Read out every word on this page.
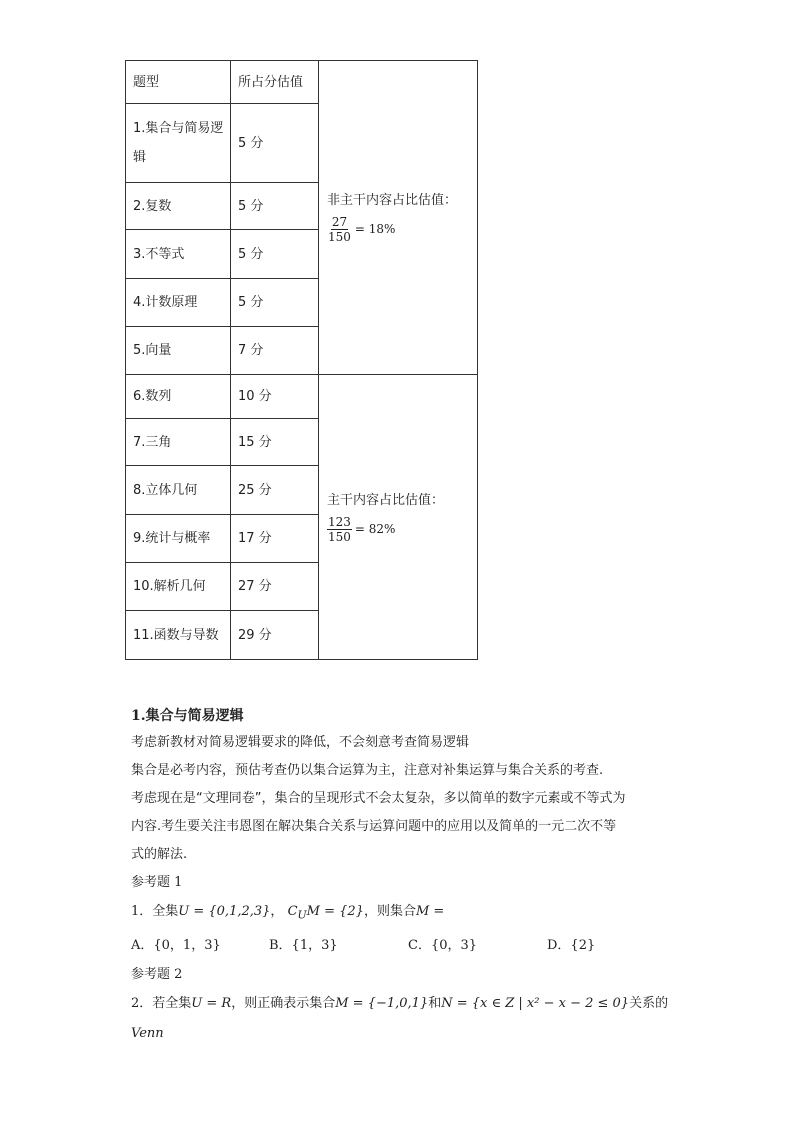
题型	所占分估值	非主干内容占比估值：
$\frac{27}{150} = 18\%$

1.集合与简易逻辑	5 分	
2.复数	5 分	
3.不等式	5 分	
4.计数原理	5 分	
5.向量	7 分	
6.数列	10 分	主干内容占比估值：
$\frac{123}{150} = 82\%$

7.三角	15 分	
8.立体几何	25 分	
9.统计与概率	17 分	
10.解析几何	27 分	
11.函数与导数	29 分	
1.集合与简易逻辑

考虑新教材对简易逻辑要求的降低，不会刻意考查简易逻辑

集合是必考内容，预估考查仍以集合运算为主，注意对补集运算与集合关系的考查.

考虑现在是“文理同卷”，集合的呈现形式不会太复杂，多以简单的数字元素或不等式为

内容.考生要关注韦恩图在解决集合关系与运算问题中的应用以及简单的一元二次不等

式的解法.

参考题 1

1．全集U = {0,1,2,3}， $C_UM = \{2\}$，则集合M =

A．{0，1，3}	B．{1，3}	C．{0，3}	D．{2}

参考题 2

2．若全集U = R，则正确表示集合M = {−1,0,1}和N = {x ∈ Z | x² − x − 2 ≤ 0}关系的 Venn
